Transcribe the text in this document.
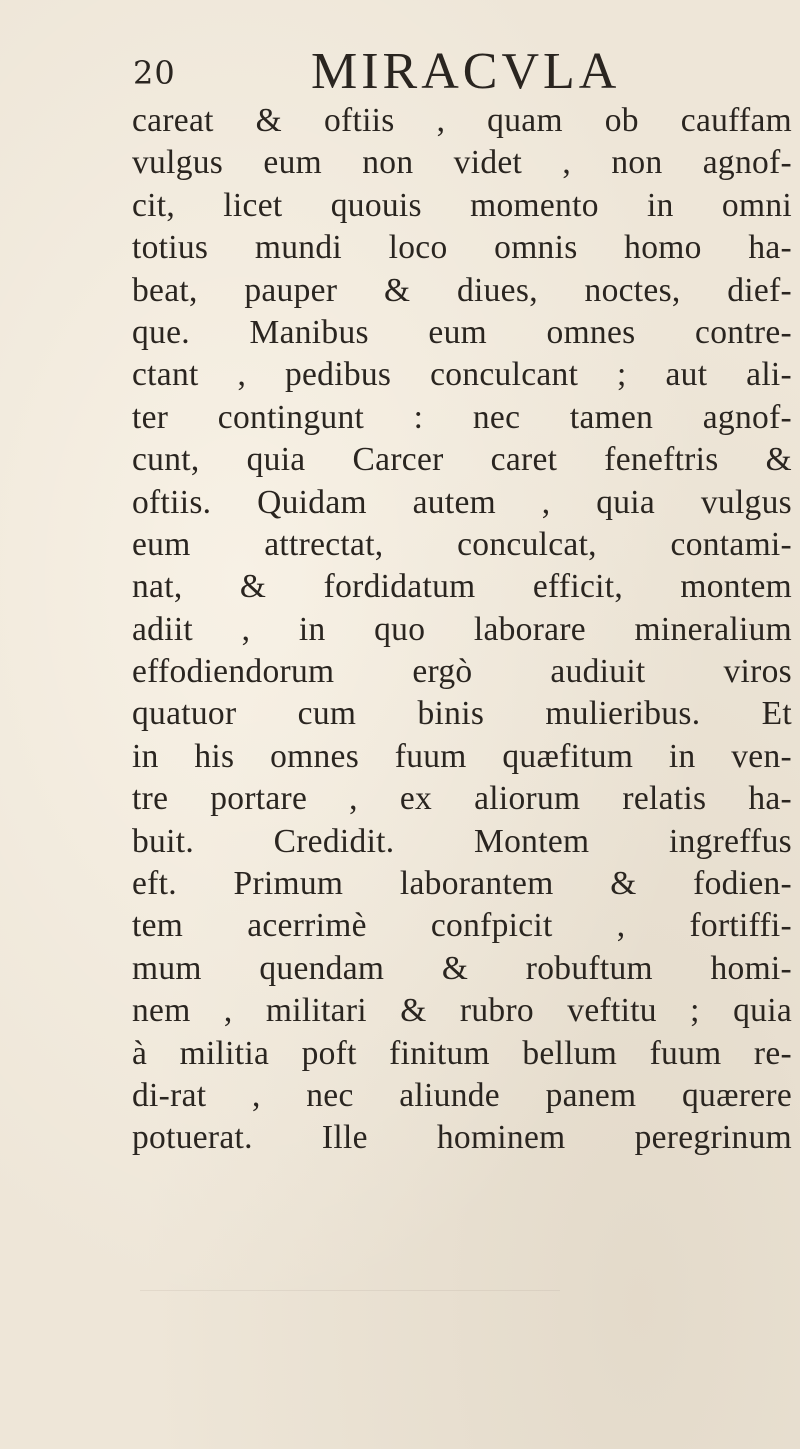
20	MIRACVLA
careat & oftiis , quam ob cauffam
vulgus eum non videt , non agnof-
cit, licet quouis momento in omni
totius mundi loco omnis homo ha-
beat, pauper & diues, noctes, dief-
que. Manibus eum omnes contre-
ctant , pedibus conculcant ; aut ali-
ter contingunt : nec tamen agnof-
cunt, quia Carcer caret feneftris &
oftiis. Quidam autem , quia vulgus
eum attrectat, conculcat, contami-
nat, & fordidatum efficit, montem
adiit , in quo laborare mineralium
effodiendorum ergò audiuit viros
quatuor cum binis mulieribus. Et
in his omnes fuum quæfitum in ven-
tre portare , ex aliorum relatis ha-
buit. Credidit. Montem ingreffus
eft. Primum laborantem & fodien-
tem acerrimè confpicit , fortiffi-
mum quendam & robuftum homi-
nem , militari & rubro veftitu ; quia
à militia poft finitum bellum fuum re-
di-rat , nec aliunde panem quærere
potuerat. Ille hominem peregrinum
